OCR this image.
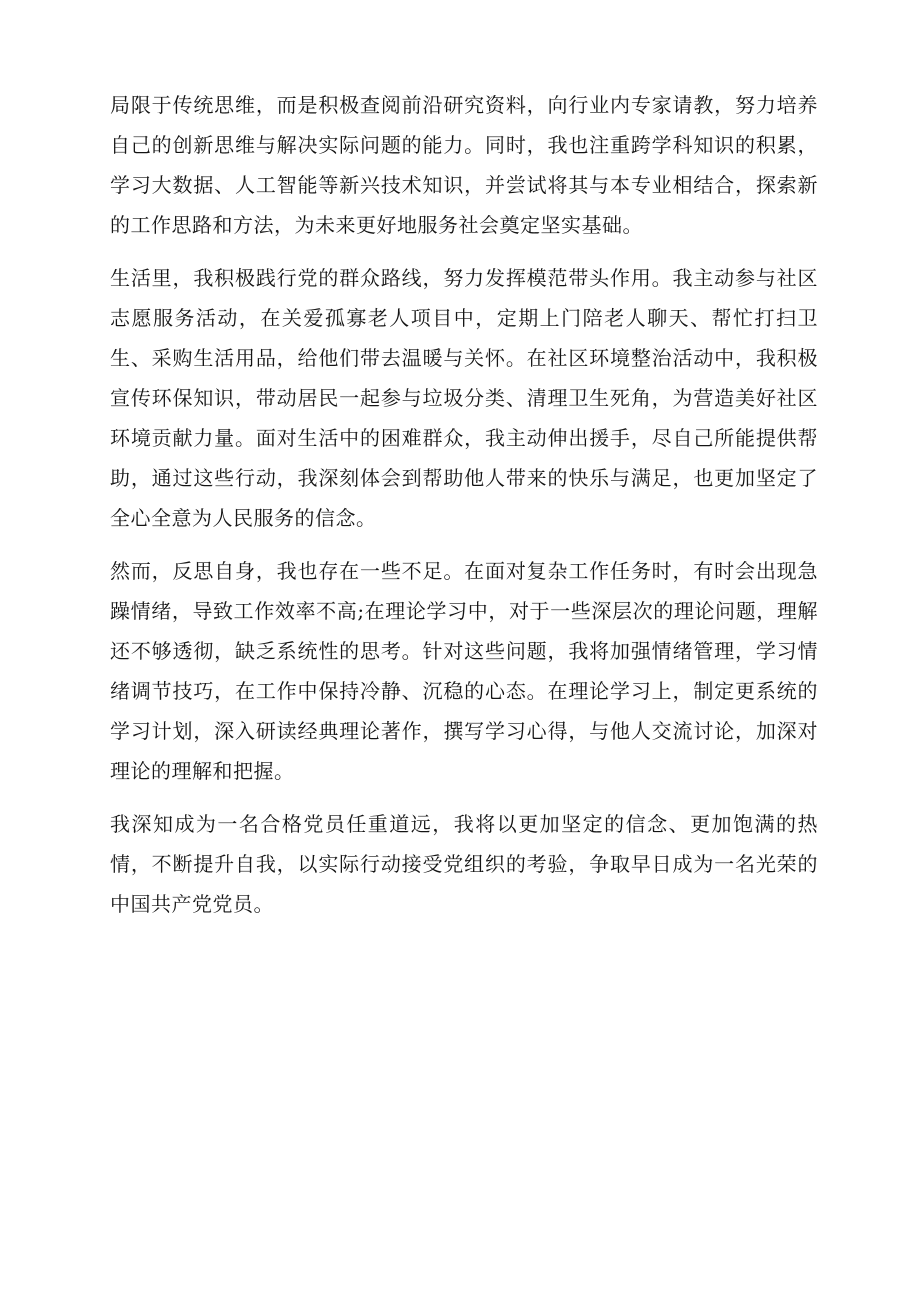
局限于传统思维，而是积极查阅前沿研究资料，向行业内专家请教，努力培养自己的创新思维与解决实际问题的能力。同时，我也注重跨学科知识的积累，学习大数据、人工智能等新兴技术知识，并尝试将其与本专业相结合，探索新的工作思路和方法，为未来更好地服务社会奠定坚实基础。

生活里，我积极践行党的群众路线，努力发挥模范带头作用。我主动参与社区志愿服务活动，在关爱孤寡老人项目中，定期上门陪老人聊天、帮忙打扫卫生、采购生活用品，给他们带去温暖与关怀。在社区环境整治活动中，我积极宣传环保知识，带动居民一起参与垃圾分类、清理卫生死角，为营造美好社区环境贡献力量。面对生活中的困难群众，我主动伸出援手，尽自己所能提供帮助，通过这些行动，我深刻体会到帮助他人带来的快乐与满足，也更加坚定了全心全意为人民服务的信念。

然而，反思自身，我也存在一些不足。在面对复杂工作任务时，有时会出现急躁情绪，导致工作效率不高;在理论学习中，对于一些深层次的理论问题，理解还不够透彻，缺乏系统性的思考。针对这些问题，我将加强情绪管理，学习情绪调节技巧，在工作中保持冷静、沉稳的心态。在理论学习上，制定更系统的学习计划，深入研读经典理论著作，撰写学习心得，与他人交流讨论，加深对理论的理解和把握。

我深知成为一名合格党员任重道远，我将以更加坚定的信念、更加饱满的热情，不断提升自我，以实际行动接受党组织的考验，争取早日成为一名光荣的中国共产党党员。
